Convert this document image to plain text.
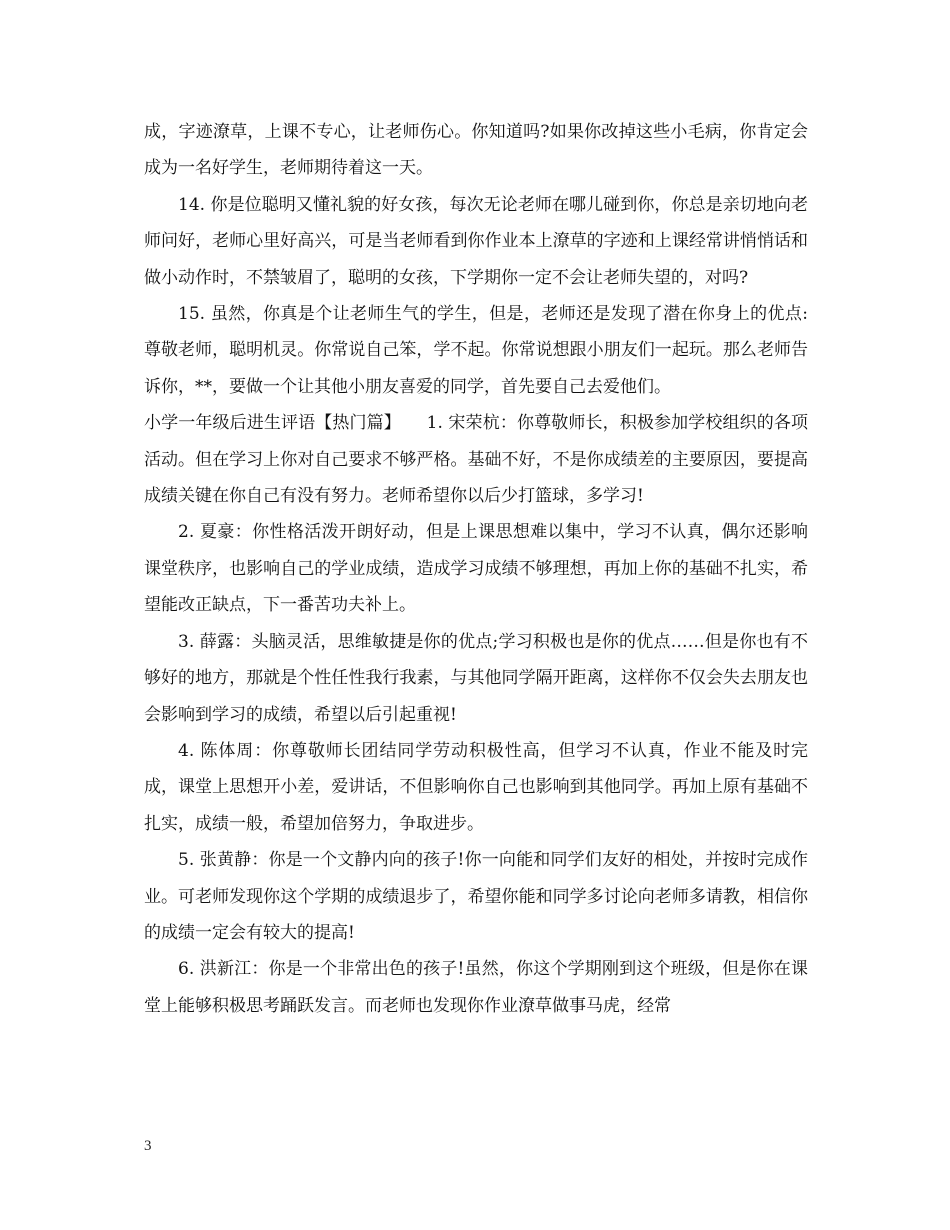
成，字迹潦草，上课不专心，让老师伤心。你知道吗?如果你改掉这些小毛病，你肯定会成为一名好学生，老师期待着这一天。

14. 你是位聪明又懂礼貌的好女孩，每次无论老师在哪儿碰到你，你总是亲切地向老师问好，老师心里好高兴，可是当老师看到你作业本上潦草的字迹和上课经常讲悄悄话和做小动作时，不禁皱眉了，聪明的女孩，下学期你一定不会让老师失望的，对吗?

15. 虽然，你真是个让老师生气的学生，但是，老师还是发现了潜在你身上的优点:尊敬老师，聪明机灵。你常说自己笨，学不起。你常说想跟小朋友们一起玩。那么老师告诉你，**，要做一个让其他小朋友喜爱的同学，首先要自己去爱他们。

小学一年级后进生评语【热门篇】　　1. 宋荣杭：你尊敬师长，积极参加学校组织的各项活动。但在学习上你对自己要求不够严格。基础不好，不是你成绩差的主要原因，要提高成绩关键在你自己有没有努力。老师希望你以后少打篮球，多学习!

2. 夏豪：你性格活泼开朗好动，但是上课思想难以集中，学习不认真，偶尔还影响课堂秩序，也影响自己的学业成绩，造成学习成绩不够理想，再加上你的基础不扎实，希望能改正缺点，下一番苦功夫补上。

3. 薛露：头脑灵活，思维敏捷是你的优点;学习积极也是你的优点……但是你也有不够好的地方，那就是个性任性我行我素，与其他同学隔开距离，这样你不仅会失去朋友也会影响到学习的成绩，希望以后引起重视!

4. 陈体周：你尊敬师长团结同学劳动积极性高，但学习不认真，作业不能及时完成，课堂上思想开小差，爱讲话，不但影响你自己也影响到其他同学。再加上原有基础不扎实，成绩一般，希望加倍努力，争取进步。

5. 张黄静：你是一个文静内向的孩子!你一向能和同学们友好的相处，并按时完成作业。可老师发现你这个学期的成绩退步了，希望你能和同学多讨论向老师多请教，相信你的成绩一定会有较大的提高!

6. 洪新江：你是一个非常出色的孩子!虽然，你这个学期刚到这个班级，但是你在课堂上能够积极思考踊跃发言。而老师也发现你作业潦草做事马虎，经常

3
